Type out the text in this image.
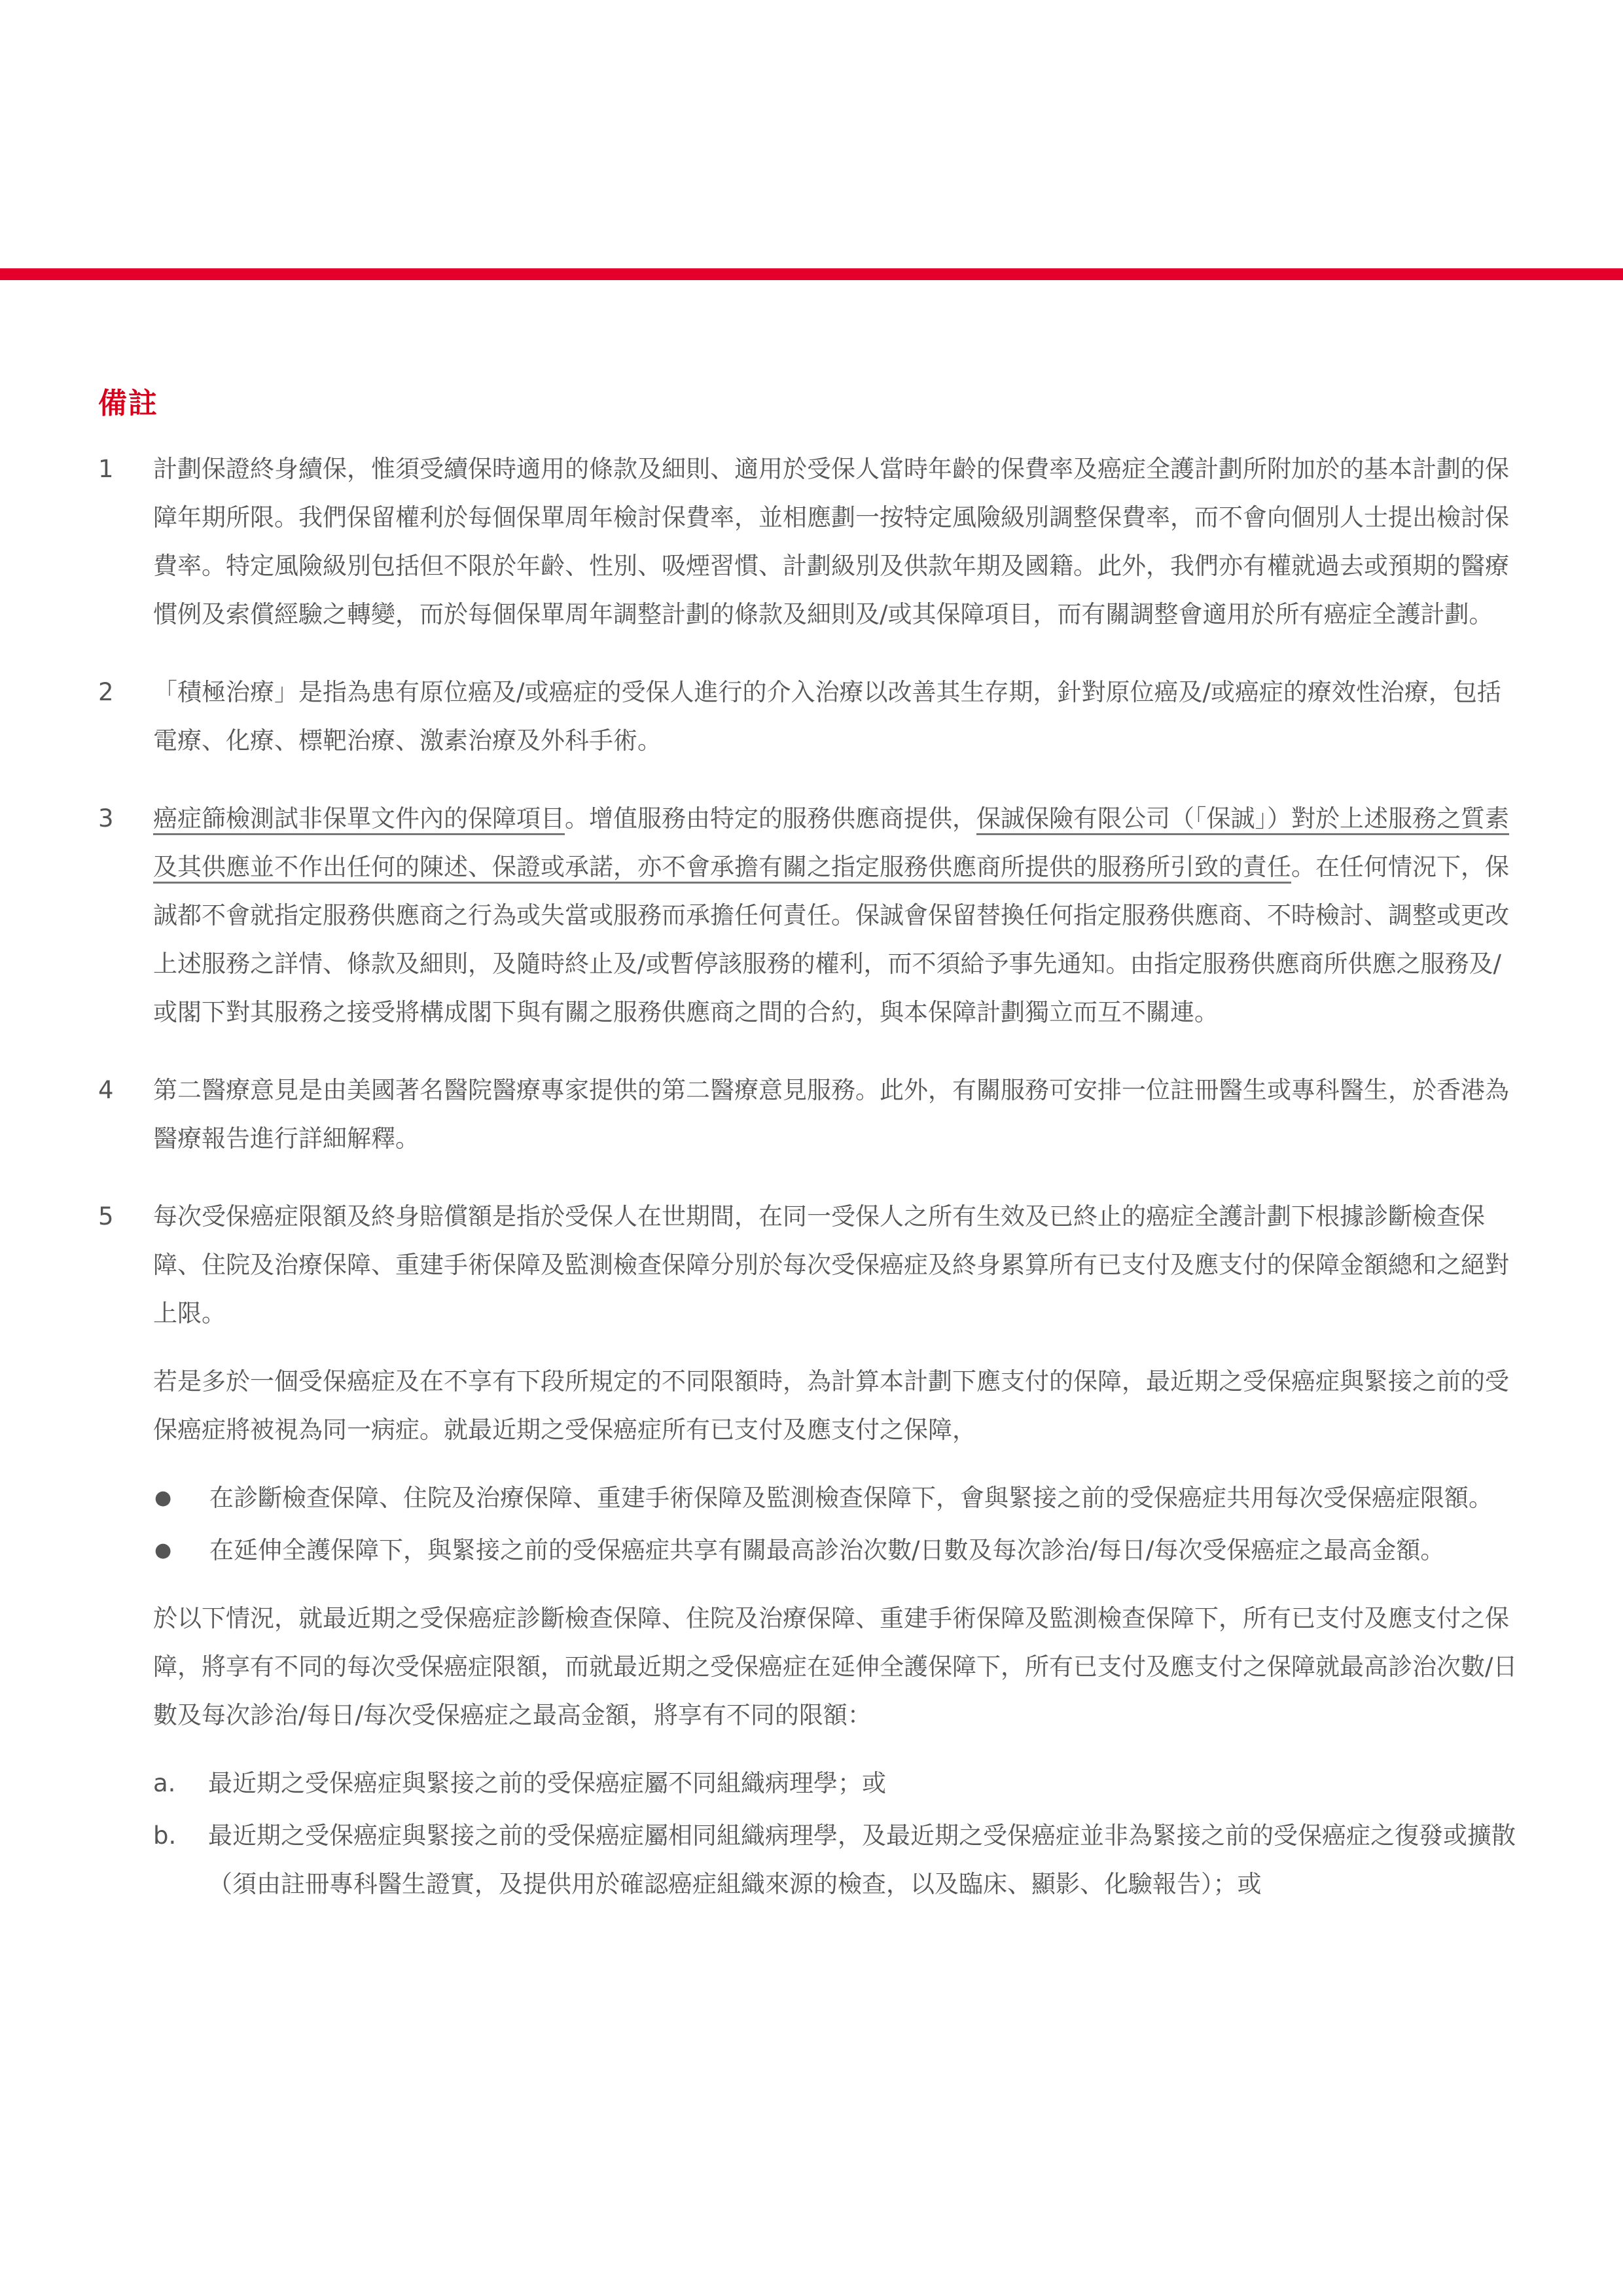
備註
1	計劃保證終身續保，惟須受續保時適用的條款及細則、適用於受保人當時年齡的保費率及癌症全護計劃所附加於的基本計劃的保障年期所限。我們保留權利於每個保單周年檢討保費率，並相應劃一按特定風險級別調整保費率，而不會向個別人士提出檢討保費率。特定風險級別包括但不限於年齡、性別、吸煙習慣、計劃級別及供款年期及國籍。此外，我們亦有權就過去或預期的醫療慣例及索償經驗之轉變，而於每個保單周年調整計劃的條款及細則及/或其保障項目，而有關調整會適用於所有癌症全護計劃。

2	「積極治療」是指為患有原位癌及/或癌症的受保人進行的介入治療以改善其生存期，針對原位癌及/或癌症的療效性治療，包括電療、化療、標靶治療、激素治療及外科手術。

3	癌症篩檢測試非保單文件內的保障項目。增值服務由特定的服務供應商提供，保誠保險有限公司（「保誠」）對於上述服務之質素及其供應並不作出任何的陳述、保證或承諾，亦不會承擔有關之指定服務供應商所提供的服務所引致的責任。在任何情況下，保誠都不會就指定服務供應商之行為或失當或服務而承擔任何責任。保誠會保留替換任何指定服務供應商、不時檢討、調整或更改上述服務之詳情、條款及細則，及隨時終止及/或暫停該服務的權利，而不須給予事先通知。由指定服務供應商所供應之服務及/或閣下對其服務之接受將構成閣下與有關之服務供應商之間的合約，與本保障計劃獨立而互不關連。

4	第二醫療意見是由美國著名醫院醫療專家提供的第二醫療意見服務。此外，有關服務可安排一位註冊醫生或專科醫生，於香港為醫療報告進行詳細解釋。

5	每次受保癌症限額及終身賠償額是指於受保人在世期間，在同一受保人之所有生效及已終止的癌症全護計劃下根據診斷檢查保障、住院及治療保障、重建手術保障及監測檢查保障分別於每次受保癌症及終身累算所有已支付及應支付的保障金額總和之絕對上限。

若是多於一個受保癌症及在不享有下段所規定的不同限額時，為計算本計劃下應支付的保障，最近期之受保癌症與緊接之前的受保癌症將被視為同一病症。就最近期之受保癌症所有已支付及應支付之保障，

●	在診斷檢查保障、住院及治療保障、重建手術保障及監測檢查保障下，會與緊接之前的受保癌症共用每次受保癌症限額。
●	在延伸全護保障下，與緊接之前的受保癌症共享有關最高診治次數/日數及每次診治/每日/每次受保癌症之最高金額。

於以下情況，就最近期之受保癌症診斷檢查保障、住院及治療保障、重建手術保障及監測檢查保障下，所有已支付及應支付之保障，將享有不同的每次受保癌症限額，而就最近期之受保癌症在延伸全護保障下，所有已支付及應支付之保障就最高診治次數/日數及每次診治/每日/每次受保癌症之最高金額，將享有不同的限額：

a.	最近期之受保癌症與緊接之前的受保癌症屬不同組織病理學；或
b.	最近期之受保癌症與緊接之前的受保癌症屬相同組織病理學，及最近期之受保癌症並非為緊接之前的受保癌症之復發或擴散（須由註冊專科醫生證實，及提供用於確認癌症組織來源的檢查，以及臨床、顯影、化驗報告）；或
